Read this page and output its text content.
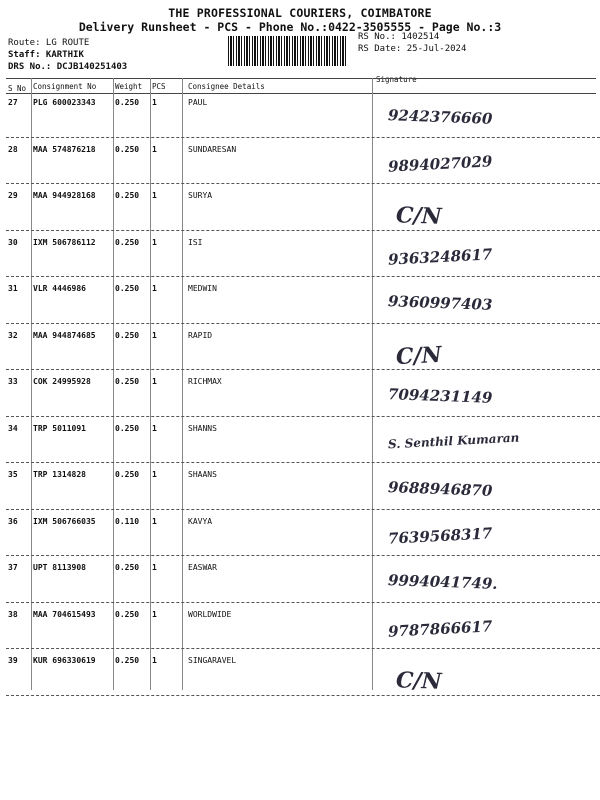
THE PROFESSIONAL COURIERS, COIMBATORE
Delivery Runsheet - PCS - Phone No.:0422-3505555 - Page No.:3
Route: LG ROUTE
Staff: KARTHIK
DRS No.: DCJB140251403
RS No.: 1402514
RS Date: 25-Jul-2024
S No Consignment No	Weight PCS	Consignee Details
Signature
27 PLG 600023343 0.250 1	PAUL
9242376660
28 MAA 574876218 0.250 1	SUNDARESAN
9894027029
29 MAA 944928168 0.250 1	SURYA
C/N
30 IXM 506786112 0.250 1	ISI
9363248617
31 VLR 4446986	0.250 1	MEDWIN
9360997403
32 MAA 944874685 0.250 1	RAPID
C/N
33 COK 24995928	0.250 1	RICHMAX
7094231149
34 TRP 5011091	0.250 1	SHANNS
S. Senthil Kumaran
35 TRP 1314828	0.250 1	SHAANS
9688946870
36 IXM 506766035 0.110 1	KAVYA
7639568317
37 UPT 8113908	0.250 1	EASWAR
9994041749.
38 MAA 704615493 0.250 1	WORLDWIDE
9787866617
39 KUR 696330619 0.250 1	SINGARAVEL
C/N
